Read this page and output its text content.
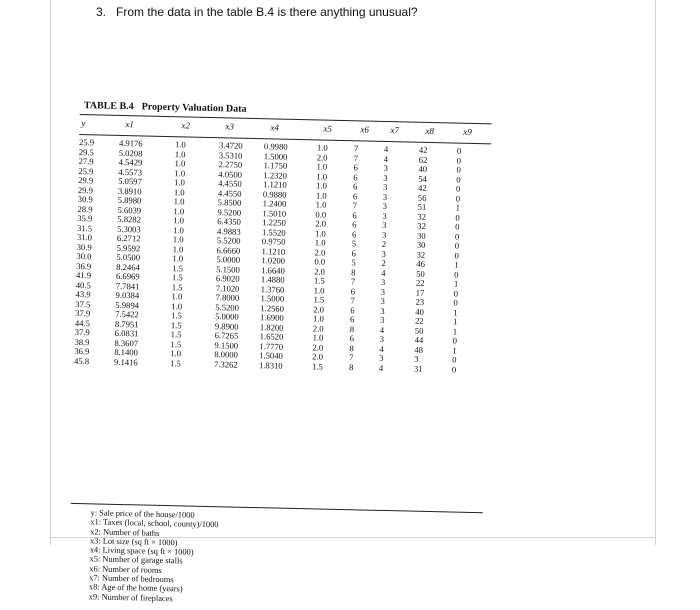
3. From the data in the table B.4 is there anything unusual?
TABLE B.4 Property Valuation Data
y	x1	x2	x3	x4	x5	x6 x7	x8	x9
25.9	4.9176	1.0	3.4720 0.9980	1.0	7	4	42	0
29.5	5.0208	1.0	3.5310 1.5000	2.0	7	4	62	0
27.9	4.5429	1.0	2.2750 1.1750	1.0	6	3	40	0
25.9	4.5573	1.0	4.0500 1.2320	1.0	6	3	54	0
29.9	5.0597	1.0	4.4550 1.1210	1.0	6	3	42	0
29.9	3.8910	1.0	4.4550 0.9880	1.0	6	3	56	0
30.9	5.8980	1.0	5.8500 1.2400	1.0	7	3	51	1
28.9	5.6039	1.0	9.5200 1.5010	0.0	6	3	32	0
35.9	5.8282	1.0	6.4350 1.2250	2.0	6	3	32	0
31.5	5.3003	1.0	4.9883 1.5520	1.0	6	3	30	0
31.0	6.2712	1.0	5.5200 0.9750	1.0	5	2	30	0
30.9	5.9592	1.0	6.6660 1.1210	2.0	6	3	32	0
30.0	5.0500	1.0	5.0000 1.0200	0.0	5	2	46	1
36.9	8.2464	1.5	5.1500 1.6640	2.0	8	4	50	0
41.9	6.6969	1.5	6.9020 1.4880	1.5	7	3	22	1
40.5	7.7841	1.5	7.1020 1.3760	1.0	6	3	17	0
43.9	9.0384	1.0	7.8000 1.5000	1.5	7	3	23	0
37.5	5.9894	1.0	5.5200 1.2560	2.0	6	3	40	1
37.9	7.5422	1.5	5.0000 1.6900	1.0	6	3	22	1
44.5	8.7951	1.5	9.8900 1.8200	2.0	8	4	50	1
37.9	6.0831	1.5	6.7265 1.6520	1.0	6	3	44	0
38.9	8.3607	1.5	9.1500 1.7770	2.0	8	4	48	1
36.9	8.1400	1.0	8.0000 1.5040	2.0	7	3	3	0
45.8	9.1416	1.5	7.3262 1.8310	1.5	8	4	31	0
y: Sale price of the house/1000
x1: Taxes (local, school, county)/1000
x2: Number of baths
x3: Lot size (sq ft × 1000)
x4: Living space (sq ft × 1000)
x5: Number of garage stalls
x6: Number of rooms
x7: Number of bedrooms
x8: Age of the home (years)
x9: Number of fireplaces
